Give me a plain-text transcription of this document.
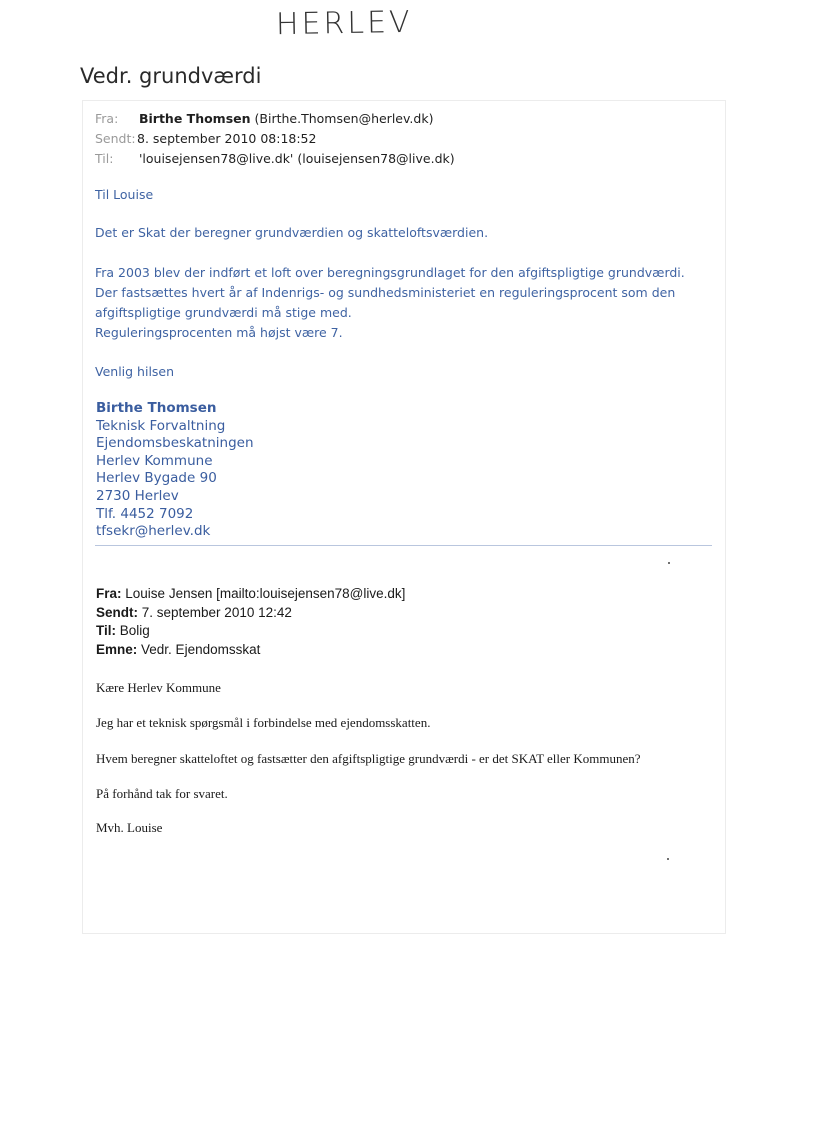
HERLEV
Vedr. grundværdi
Fra: Birthe Thomsen (Birthe.Thomsen@herlev.dk)
Sendt:8. september 2010 08:18:52
Til: 'louisejensen78@live.dk' (louisejensen78@live.dk)
Til Louise
Det er Skat der beregner grundværdien og skatteloftsværdien.
Fra 2003 blev der indført et loft over beregningsgrundlaget for den afgiftspligtige grundværdi.
Der fastsættes hvert år af Indenrigs- og sundhedsministeriet en reguleringsprocent som den
afgiftspligtige grundværdi må stige med.
Reguleringsprocenten må højst være 7.
Venlig hilsen
Birthe Thomsen
Teknisk Forvaltning
Ejendomsbeskatningen
Herlev Kommune
Herlev Bygade 90
2730 Herlev
Tlf. 4452 7092
tfsekr@herlev.dk
Fra: Louise Jensen [mailto:louisejensen78@live.dk]
Sendt: 7. september 2010 12:42
Til: Bolig
Emne: Vedr. Ejendomsskat
Kære Herlev Kommune
Jeg har et teknisk spørgsmål i forbindelse med ejendomsskatten.
Hvem beregner skatteloftet og fastsætter den afgiftspligtige grundværdi - er det SKAT eller Kommunen?
På forhånd tak for svaret.
Mvh. Louise
